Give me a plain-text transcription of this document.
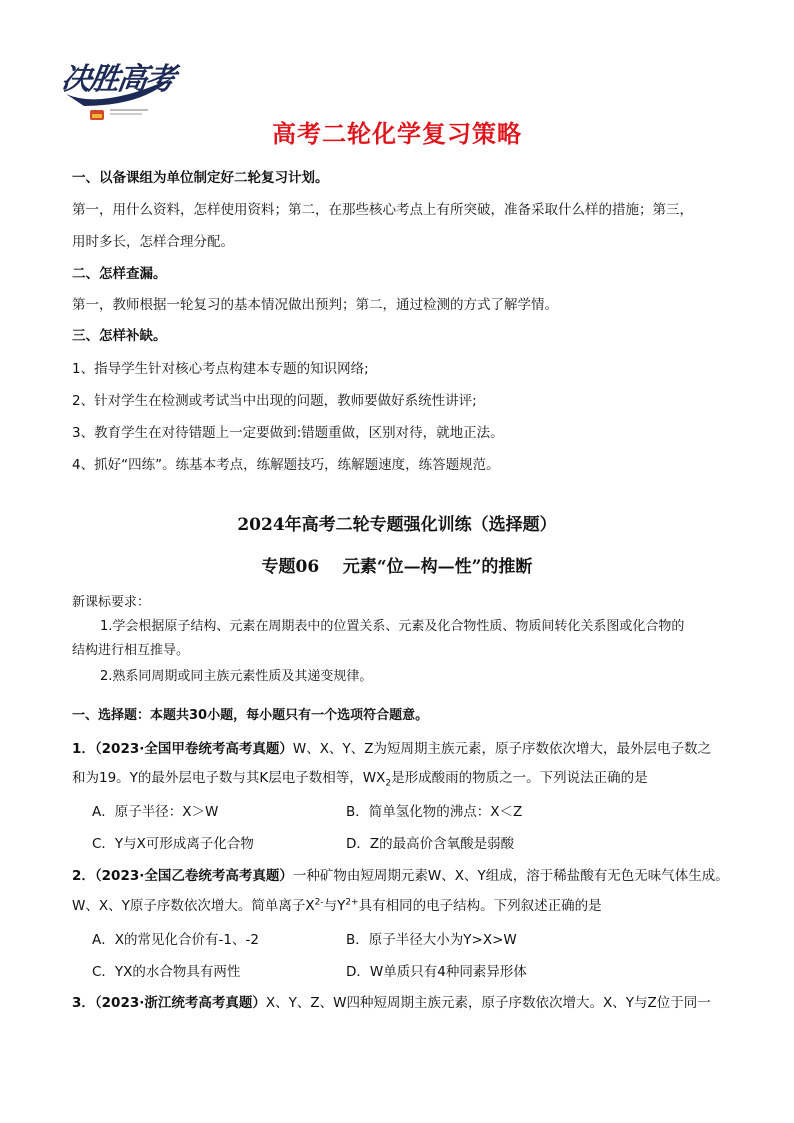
决胜高考
高考二轮化学复习策略
一、以备课组为单位制定好二轮复习计划。
第一，用什么资料，怎样使用资料；第二，在那些核心考点上有所突破，准备采取什么样的措施；第三，
用时多长，怎样合理分配。
二、怎样查漏。
第一，教师根据一轮复习的基本情况做出预判；第二，通过检测的方式了解学情。
三、怎样补缺。
1、指导学生针对核心考点构建本专题的知识网络;
2、针对学生在检测或考试当中出现的问题，教师要做好系统性讲评;
3、教育学生在对待错题上一定要做到:错题重做，区别对待，就地正法。
4、抓好“四练”。练基本考点，练解题技巧，练解题速度，练答题规范。
2024年高考二轮专题强化训练（选择题）
专题06    元素“位—构—性”的推断
新课标要求：
1.学会根据原子结构、元素在周期表中的位置关系、元素及化合物性质、物质间转化关系图或化合物的
结构进行相互推导。
2.熟系同周期或同主族元素性质及其递变规律。
一、选择题：本题共30小题，每小题只有一个选项符合题意。
1．（2023·全国甲卷统考高考真题）W、X、Y、Z为短周期主族元素，原子序数依次增大，最外层电子数之
和为19。Y的最外层电子数与其K层电子数相等，$WX_2$是形成酸雨的物质之一。下列说法正确的是
A．原子半径：X＞W	B．简单氢化物的沸点：X＜Z
C．Y与X可形成离子化合物	D．Z的最高价含氧酸是弱酸
2．（2023·全国乙卷统考高考真题）一种矿物由短周期元素W、X、Y组成，溶于稀盐酸有无色无味气体生成。
W、X、Y原子序数依次增大。简单离子$X^{2-}$与$Y^{2+}$具有相同的电子结构。下列叙述正确的是
A．X的常见化合价有-1、-2	B．原子半径大小为Y>X>W
C．YX的水合物具有两性	D．W单质只有4种同素异形体
3．（2023·浙江统考高考真题）X、Y、Z、W四种短周期主族元素，原子序数依次增大。X、Y与Z位于同一
